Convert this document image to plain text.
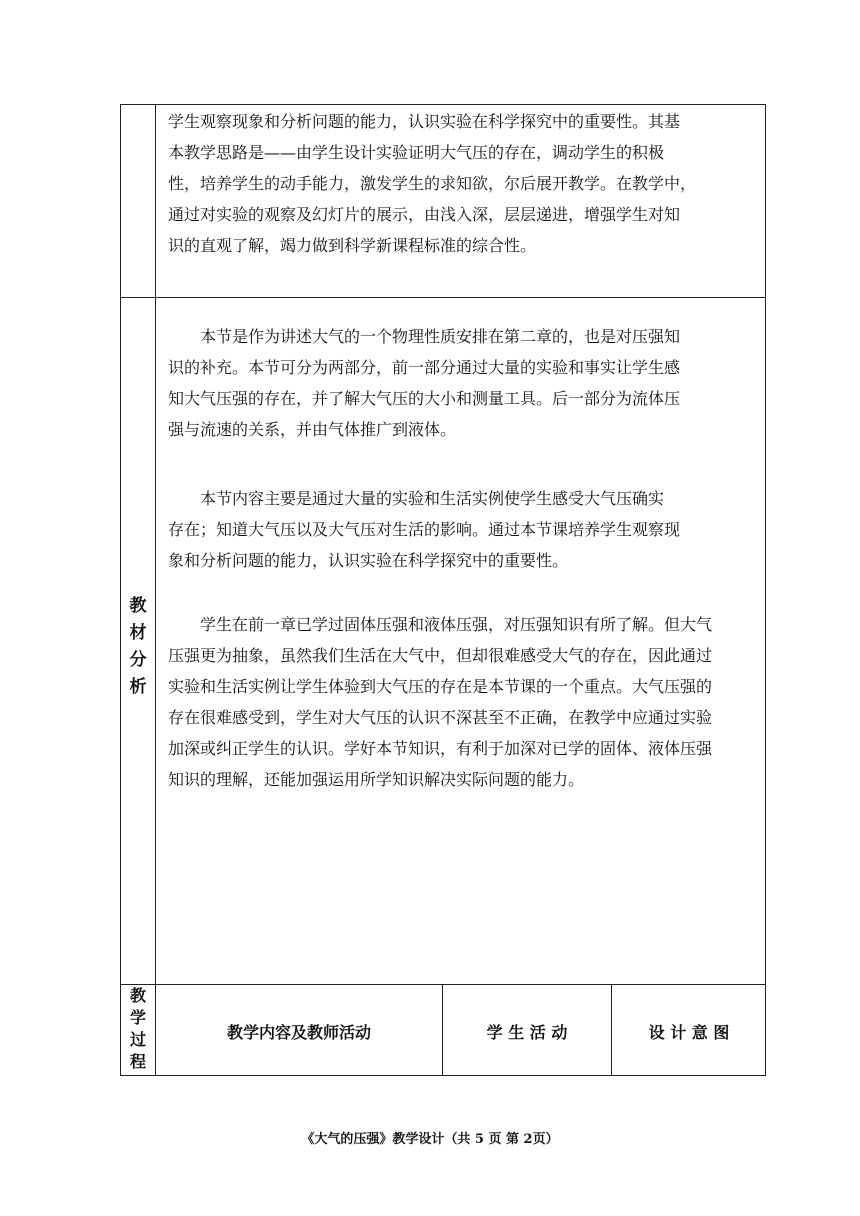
学生观察现象和分析问题的能力，认识实验在科学探究中的重要性。其基
本教学思路是——由学生设计实验证明大气压的存在，调动学生的积极
性，培养学生的动手能力，激发学生的求知欲，尔后展开教学。在教学中，
通过对实验的观察及幻灯片的展示，由浅入深，层层递进，增强学生对知
识的直观了解，竭力做到科学新课程标准的综合性。

教材分析

　　本节是作为讲述大气的一个物理性质安排在第二章的，也是对压强知
识的补充。本节可分为两部分，前一部分通过大量的实验和事实让学生感
知大气压强的存在，并了解大气压的大小和测量工具。后一部分为流体压
强与流速的关系，并由气体推广到液体。

　　本节内容主要是通过大量的实验和生活实例使学生感受大气压确实
存在；知道大气压以及大气压对生活的影响。通过本节课培养学生观察现
象和分析问题的能力，认识实验在科学探究中的重要性。

　　学生在前一章已学过固体压强和液体压强，对压强知识有所了解。但大气
压强更为抽象，虽然我们生活在大气中，但却很难感受大气的存在，因此通过
实验和生活实例让学生体验到大气压的存在是本节课的一个重点。大气压强的
存在很难感受到，学生对大气压的认识不深甚至不正确，在教学中应通过实验
加深或纠正学生的认识。学好本节知识，有利于加深对已学的固体、液体压强
知识的理解，还能加强运用所学知识解决实际问题的能力。

教学过程
教学内容及教师活动	学 生 活 动	设 计 意 图
《大气的压强》教学设计（共 5 页 第 2页）
